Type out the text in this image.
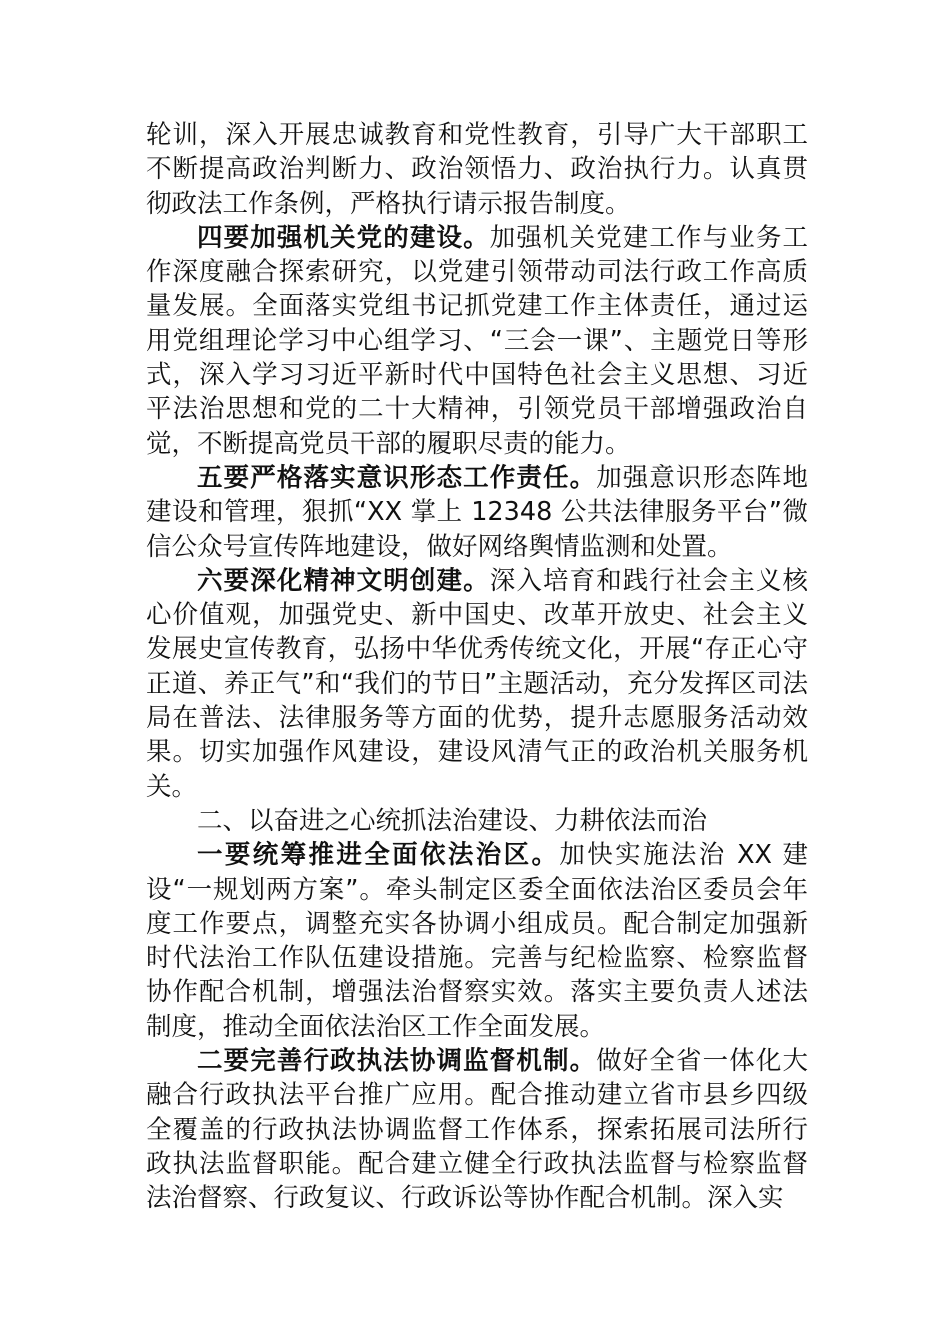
轮训，深入开展忠诚教育和党性教育，引导广大干部职工不断提高政治判断力、政治领悟力、政治执行力。认真贯彻政法工作条例，严格执行请示报告制度。

四要加强机关党的建设。加强机关党建工作与业务工作深度融合探索研究，以党建引领带动司法行政工作高质量发展。全面落实党组书记抓党建工作主体责任，通过运用党组理论学习中心组学习、“三会一课”、主题党日等形式，深入学习习近平新时代中国特色社会主义思想、习近平法治思想和党的二十大精神，引领党员干部增强政治自觉，不断提高党员干部的履职尽责的能力。

五要严格落实意识形态工作责任。加强意识形态阵地建设和管理，狠抓“XX 掌上 12348 公共法律服务平台”微信公众号宣传阵地建设，做好网络舆情监测和处置。

六要深化精神文明创建。深入培育和践行社会主义核心价值观，加强党史、新中国史、改革开放史、社会主义发展史宣传教育，弘扬中华优秀传统文化，开展“存正心守正道、养正气”和“我们的节日”主题活动，充分发挥区司法局在普法、法律服务等方面的优势，提升志愿服务活动效果。切实加强作风建设，建设风清气正的政治机关服务机关。

二、以奋进之心统抓法治建设、力耕依法而治

一要统筹推进全面依法治区。加快实施法治 XX 建设“一规划两方案”。牵头制定区委全面依法治区委员会年度工作要点，调整充实各协调小组成员。配合制定加强新时代法治工作队伍建设措施。完善与纪检监察、检察监督协作配合机制，增强法治督察实效。落实主要负责人述法制度，推动全面依法治区工作全面发展。

二要完善行政执法协调监督机制。做好全省一体化大融合行政执法平台推广应用。配合推动建立省市县乡四级全覆盖的行政执法协调监督工作体系，探索拓展司法所行政执法监督职能。配合建立健全行政执法监督与检察监督法治督察、行政复议、行政诉讼等协作配合机制。深入实
